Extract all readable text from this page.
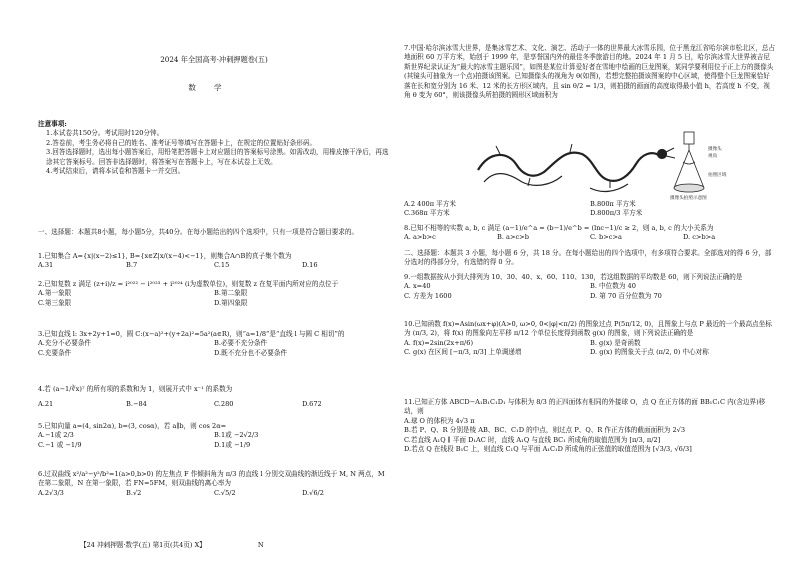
2024 年全国高考·冲刺押题卷(五)
数学
注意事项:
1.本试卷共150分。考试用时120分钟。
2.答卷前，考生务必将自己的姓名、准考证号等填写在答题卡上，在规定的位置贴好条形码。
3.回答选择题时，选出每小题答案后，用铅笔把答题卡上对应题目的答案标号涂黑。如需改动，用橡皮擦干净后，再选涂其它答案标号。回答非选择题时，将答案写在答题卡上，写在本试卷上无效。
4.考试结束后，请将本试卷和答题卡一并交回。
一、选择题：本题共8小题，每小题5分，共40分。在每小题给出的四个选项中，只有一项是符合题目要求的。
1.已知集合 A={x|(x−2)≤1}, B={x∈Z|x/(x−4)<−1}，则集合A∩B的真子集个数为
A.31	B.7	C.15	D.16
2.已知复数 z 满足 (z+i)/z = i²⁰²² − i²⁰²³ + i²⁰²⁴ (i为虚数单位)，则复数 z 在复平面内所对应的点位于
A.第一象限	B.第二象限
C.第三象限	D.第四象限
3.已知直线 l: 3x+2y+1=0，圆 C:(x−a)²+(y+2a)²=5a²(a∈R)，则“a=1/8”是“直线 l 与圆 C 相切”的
A.充分不必要条件	B.必要不充分条件
C.充要条件	D.既不充分也不必要条件
4.若 (a−1/∛x)⁷ 的所有项的系数和为 1，则展开式中 x⁻¹ 的系数为
A.21	B.−84	C.280	D.672
5.已知向量 a=(4, sin2α), b=(3, cosα)，若 a∥b，则 cos 2α=
A.−1或 2/3	B.1或 −2√2/3
C.−1 或 −1/9	D.1或 −1/9
6.过双曲线 x²/a²−y²/b²=1(a>0,b>0) 的左焦点 F 作倾斜角为 π/3 的直线 l 分别交双曲线的渐近线于 M, N 两点，M 在第二象限，N 在第一象限，若 FN=5FM，则双曲线的离心率为
A.2√3/3	B.√2	C.√5/2	D.√6/2
【24 冲刺押题·数学(五) 第1页(共4页) X】	N
7.中国·哈尔滨冰雪大世界，是集冰雪艺术、文化、演艺、活动于一体的世界最大冰雪乐园，位于黑龙江省哈尔滨市松北区，总占地面积 60 万平方米，始创于 1999 年，是享誉国内外的最佳冬季旅游目的地。2024 年 1 月 5 日，哈尔滨冰雪大世界被吉尼斯世界纪录认证为“最大的冰雪主题乐园”，如图是某位计算爱好者在雪地中绘画的巨龙图案，某同学要利用位于正上方的摄像头(其镜头可抽象为一个点)拍摄该图案。已知摄像头的视角为 θ(如图)，若想完整拍摄该图案的中心区域，使得整个巨龙图案恰好落在长和宽分别为 16 米、12 米的长方形区域内，且 sin θ/2 = 1/3，则拍摄的画面的高度取得最小值 h，若高度 h 不变，视角 θ 变为 60°，则该摄像头所拍摄的圆形区域面积为
摄像头
视角
拍照区域
摄像头拍照示意图
A.2 400π 平方米	B.800π 平方米
C.368π 平方米	D.800π/3 平方米
8.已知不相等的实数 a, b, c 满足 (a−1)/e^a = (b−1)/e^b = (lnc−1)/c ≥ 2，则 a, b, c 的大小关系为
A. a>b>c	B. a>c>b	C. b>c>a	D. c>b>a
二、选择题：本题共 3 小题，每小题 6 分，共 18 分。在每小题给出的四个选项中，有多项符合要求。全部选对的得 6 分，部分选对的得部分分，有选错的得 0 分。
9.一组数据按从小到大排列为 10、30、40、x、60、110、130，若这组数据的平均数是 60，则下列说法正确的是
A. x=40	B. 中位数为 40
C. 方差为 1600	D. 第 70 百分位数为 70
10.已知函数 f(x)=Asin(ωx+φ)(A>0, ω>0, 0<|φ|<π/2) 的图象过点 P(5π/12, 0)，且图象上与点 P 最近的一个最高点坐标为 (π/3, 2)，将 f(x) 的图象向左平移 π/12 个单位长度得到函数 g(x) 的图象，则下列说法正确的是
A. f(x)=2sin(2x+π/6)	B. g(x) 是奇函数
C. g(x) 在区间 [−π/3, π/3] 上单调递增	D. g(x) 的图象关于点 (π/2, 0) 中心对称
11.已知正方体 ABCD−A₁B₁C₁D₁ 与体积为 8/3 的正四面体有相同的外接球 O，点 Q 在正方体的面 BB₁C₁C 内(含边界)移动，则
A.球 O 的体积为 4√3 π
B.若 P、Q、R 分别是棱 AB、BC、C₁D 的中点，则过点 P、Q、R 作正方体的截面面积为 2√3
C.若直线 A₁Q ∥ 平面 D₁AC 时，直线 A₁Q 与直线 BC₁ 所成角的取值范围为 [π/3, π/2]
D.若点 Q 在线段 B₁C 上，则直线 C₁Q 与平面 A₁C₁D 所成角的正弦值的取值范围为 [√3/3, √6/3]
